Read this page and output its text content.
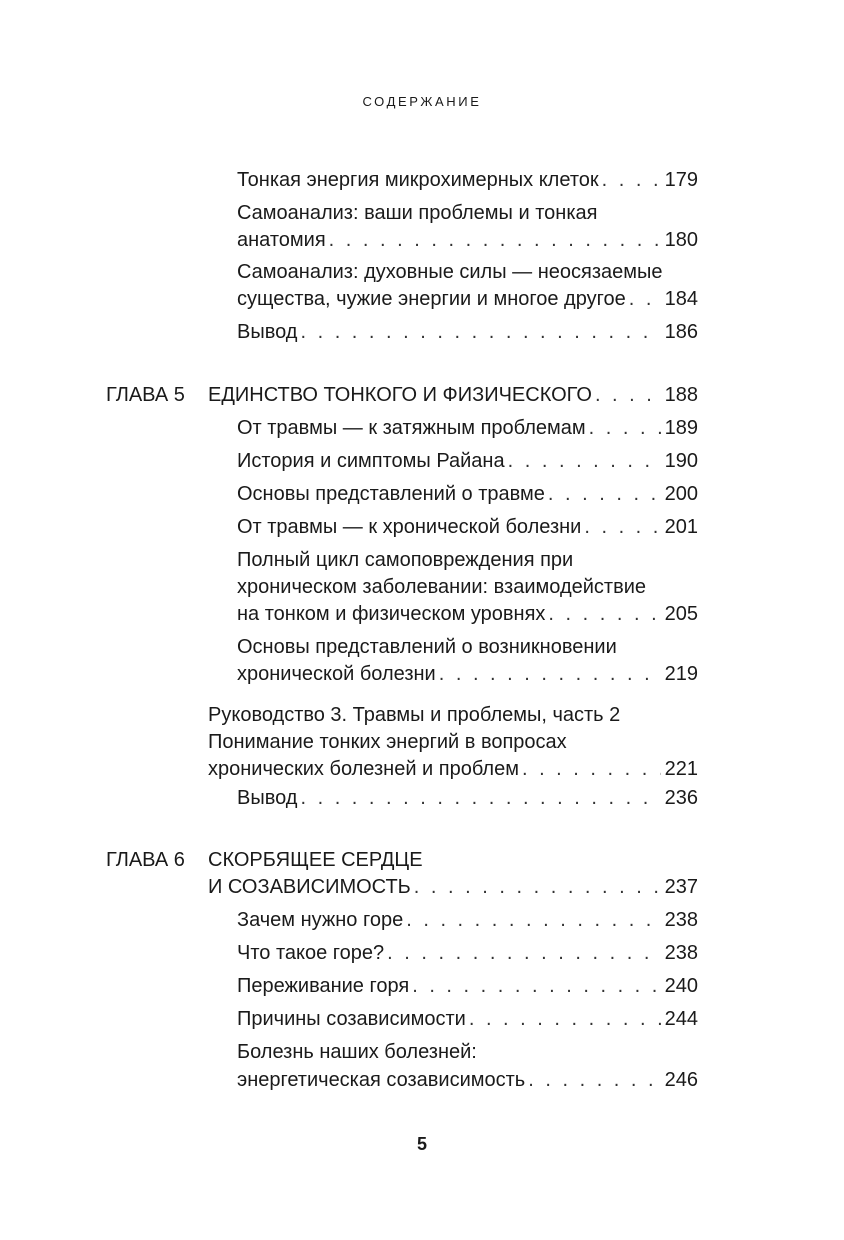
СОДЕРЖАНИЕ
Тонкая энергия микрохимерных клеток . . .	179
Самоанализ: ваши проблемы и тонкая
анатомия . . .	180
Самоанализ: духовные силы — неосязаемые
существа, чужие энергии и многое другое . . . 184
Вывод . . .	186
ГЛАВА 5 ЕДИНСТВО ТОНКОГО И ФИЗИЧЕСКОГО . . .	188
От травмы — к затяжным проблемам . . .	189
История и симптомы Райана . . .	190
Основы представлений о травме . . .	200
От травмы — к хронической болезни . . .	201
Полный цикл самоповреждения при
хроническом заболевании: взаимодействие
на тонком и физическом уровнях . . .	205
Основы представлений о возникновении
хронической болезни . . .	219
Руководство 3. Травмы и проблемы, часть 2
Понимание тонких энергий в вопросах
хронических болезней и проблем . . .	221
Вывод . . .	236
ГЛАВА 6 СКОРБЯЩЕЕ СЕРДЦЕ
И СОЗАВИСИМОСТЬ . . .	237
Зачем нужно горе . . .	238
Что такое горе? . . .	238
Переживание горя . . .	240
Причины созависимости . . .	244
Болезнь наших болезней:
энергетическая созависимость . . .	246
5
